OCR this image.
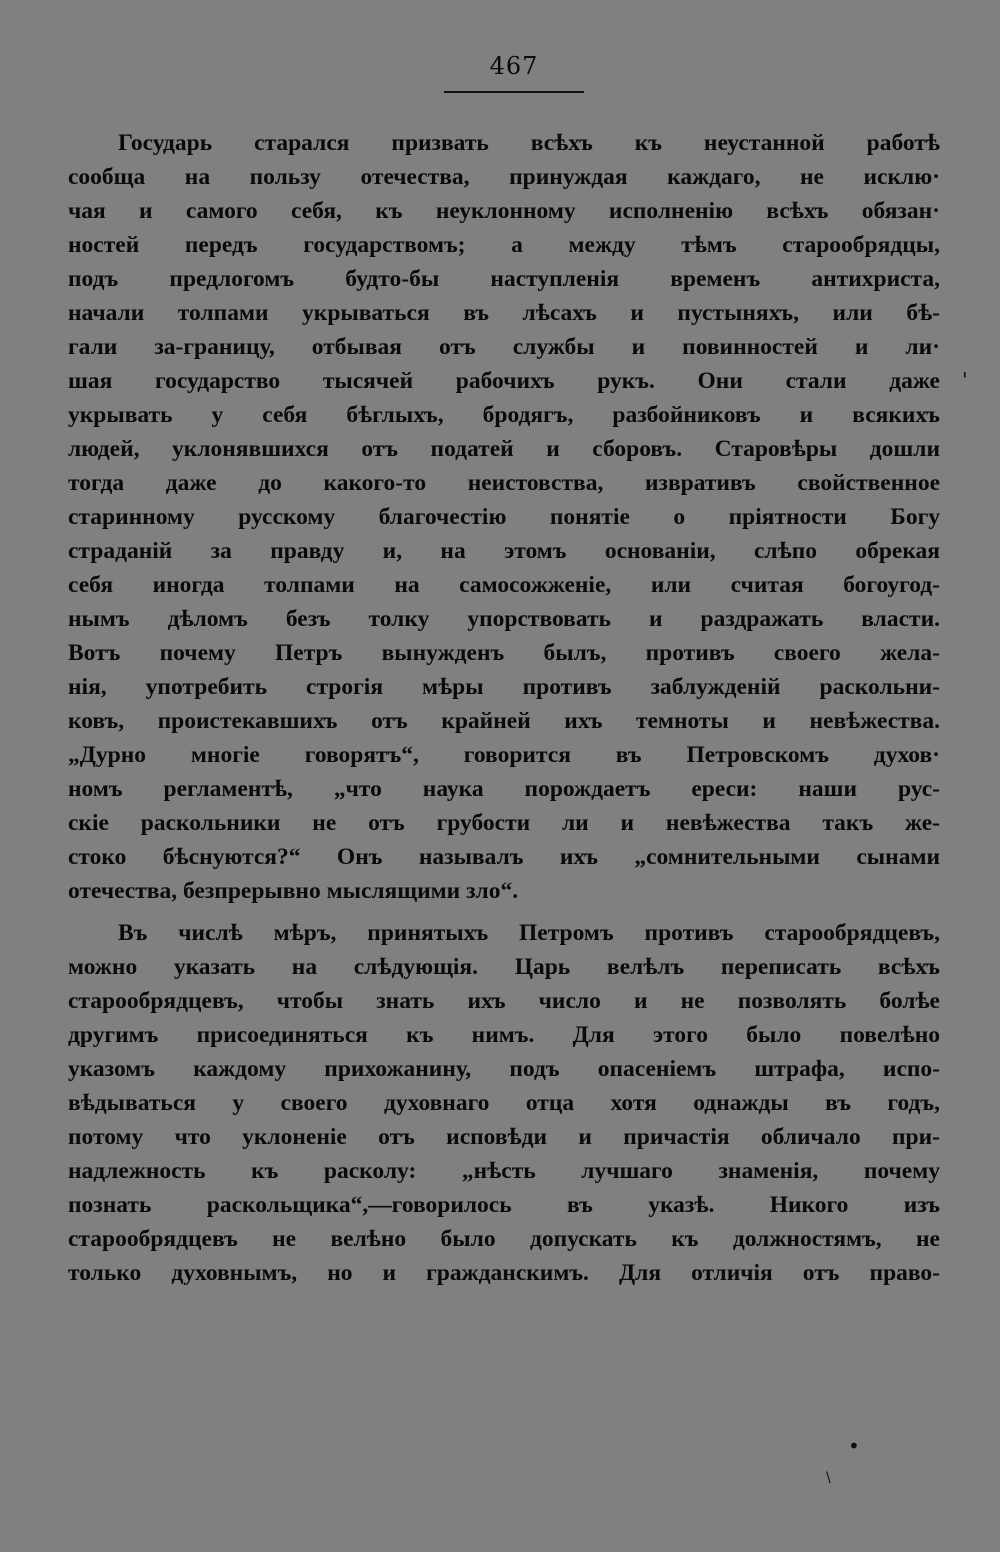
467
Государь старался призвать всѣхъ къ неустанной работѣ
сообща на пользу отечества, принуждая каждаго, не исклю·
чая и самого себя, къ неуклонному исполненію всѣхъ обязан·
ностей передъ государствомъ; а между тѣмъ старообрядцы,
подъ предлогомъ будто-бы наступленія временъ антихриста,
начали толпами укрываться въ лѣсахъ и пустыняхъ, или бѣ-
гали за-границу, отбывая отъ службы и повинностей и ли·
шая государство тысячей рабочихъ рукъ. Они стали даже
укрывать у себя бѣглыхъ, бродягъ, разбойниковъ и всякихъ
людей, уклонявшихся отъ податей и сборовъ. Старовѣры дошли
тогда даже до какого-то неистовства, извративъ свойственное
старинному русскому благочестію понятіе о пріятности Богу
страданій за правду и, на этомъ основаніи, слѣпо обрекая
себя иногда толпами на самосожженіе, или считая богоугод-
нымъ дѣломъ безъ толку упорствовать и раздражать власти.
Вотъ почему Петръ вынужденъ былъ, противъ своего жела-
нія, употребить строгія мѣры противъ заблужденій раскольни-
ковъ, проистекавшихъ отъ крайней ихъ темноты и невѣжества.
„Дурно многіе говорятъ“, говорится въ Петровскомъ духов·
номъ регламентѣ, „что наука порождаетъ ереси: наши рус-
скіе раскольники не отъ грубости ли и невѣжества такъ же-
стоко бѣснуются?“ Онъ называлъ ихъ „сомнительными сынами
отечества, безпрерывно мыслящими зло“.
Въ числѣ мѣръ, принятыхъ Петромъ противъ старообрядцевъ,
можно указать на слѣдующія. Царь велѣлъ переписать всѣхъ
старообрядцевъ, чтобы знать ихъ число и не позволять болѣе
другимъ присоединяться къ нимъ. Для этого было повелѣно
указомъ каждому прихожанину, подъ опасеніемъ штрафа, испо-
вѣдываться у своего духовнаго отца хотя однажды въ годъ,
потому что уклоненіе отъ исповѣди и причастія обличало при-
надлежность къ расколу: „нѣсть лучшаго знаменія, почему
познать раскольщика“,—говорилось въ указѣ. Никого изъ
старообрядцевъ не велѣно было допускать къ должностямъ, не
только духовнымъ, но и гражданскимъ. Для отличія отъ право-
'
•
\
